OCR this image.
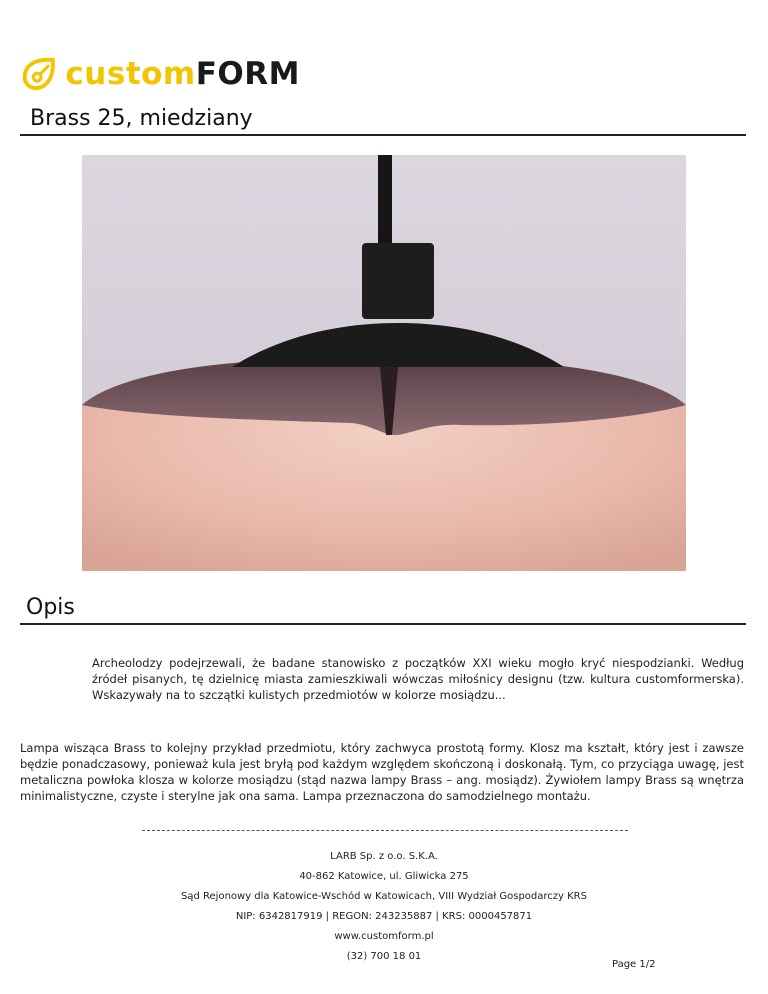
customFORM
Brass 25, miedziany
Opis

Archeolodzy podejrzewali, że badane stanowisko z początków XXI wieku mogło kryć niespodzianki. Według źródeł pisanych, tę dzielnicę miasta zamieszkiwali wówczas miłośnicy designu (tzw. kultura customformerska). Wskazywały na to szczątki kulistych przedmiotów w kolorze mosiądzu...

Lampa wisząca Brass to kolejny przykład przedmiotu, który zachwyca prostotą formy. Klosz ma kształt, który jest i zawsze będzie ponadczasowy, ponieważ kula jest bryłą pod każdym względem skończoną i doskonałą. Tym, co przyciąga uwagę, jest metaliczna powłoka klosza w kolorze mosiądzu (stąd nazwa lampy Brass – ang. mosiądz). Żywiołem lampy Brass są wnętrza minimalistyczne, czyste i sterylne jak ona sama. Lampa przeznaczona do samodzielnego montażu.

LARB Sp. z o.o. S.K.A.
40-862 Katowice, ul. Gliwicka 275
Sąd Rejonowy dla Katowice-Wschód w Katowicach, VIII Wydział Gospodarczy KRS
NIP: 6342817919 | REGON: 243235887 | KRS: 0000457871
www.customform.pl
(32) 700 18 01
Page 1/2
